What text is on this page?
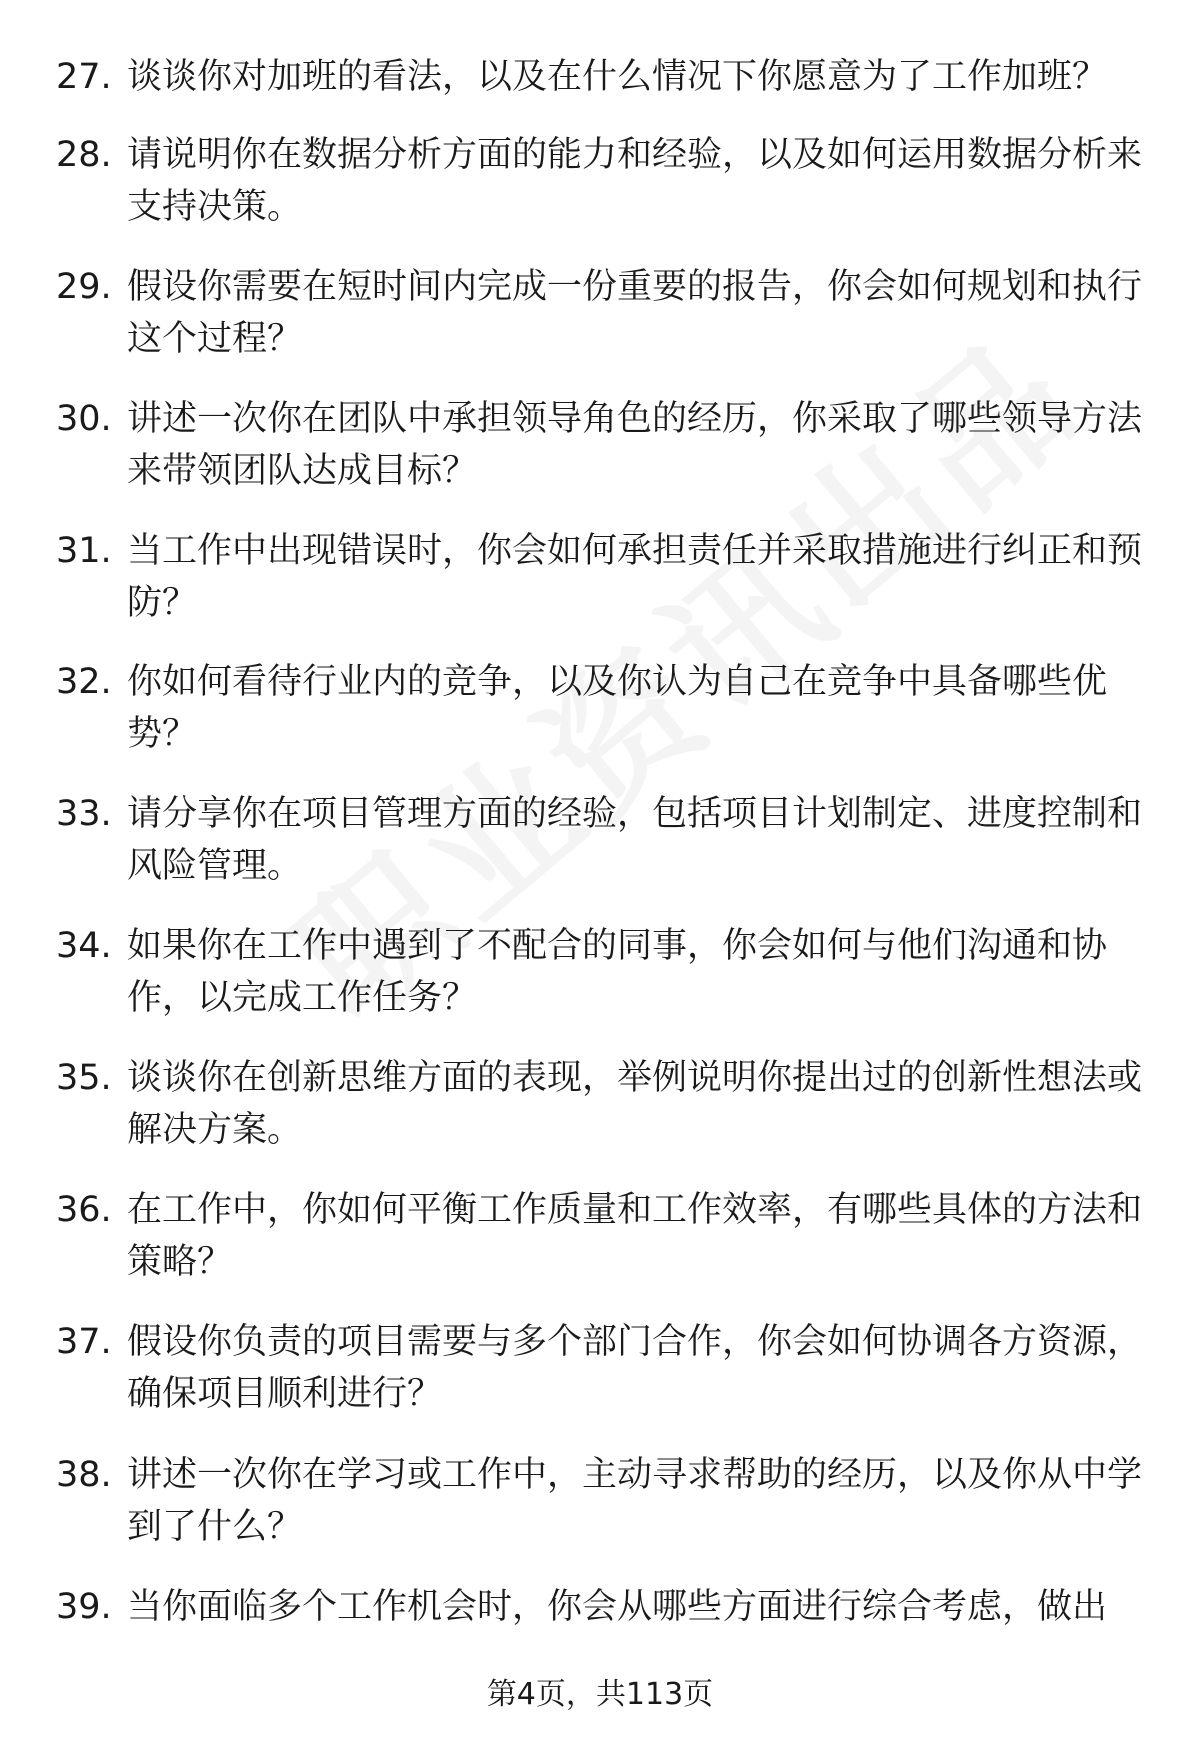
27. 谈谈你对加班的看法，以及在什么情况下你愿意为了工作加班？
28. 请说明你在数据分析方面的能力和经验，以及如何运用数据分析来支持决策。
29. 假设你需要在短时间内完成一份重要的报告，你会如何规划和执行这个过程？
30. 讲述一次你在团队中承担领导角色的经历，你采取了哪些领导方法来带领团队达成目标？
31. 当工作中出现错误时，你会如何承担责任并采取措施进行纠正和预防？
32. 你如何看待行业内的竞争，以及你认为自己在竞争中具备哪些优势？
33. 请分享你在项目管理方面的经验，包括项目计划制定、进度控制和风险管理。
34. 如果你在工作中遇到了不配合的同事，你会如何与他们沟通和协作，以完成工作任务？
35. 谈谈你在创新思维方面的表现，举例说明你提出过的创新性想法或解决方案。
36. 在工作中，你如何平衡工作质量和工作效率，有哪些具体的方法和策略？
37. 假设你负责的项目需要与多个部门合作，你会如何协调各方资源，确保项目顺利进行？
38. 讲述一次你在学习或工作中，主动寻求帮助的经历，以及你从中学到了什么？
39. 当你面临多个工作机会时，你会从哪些方面进行综合考虑，做出
第4页，共113页
